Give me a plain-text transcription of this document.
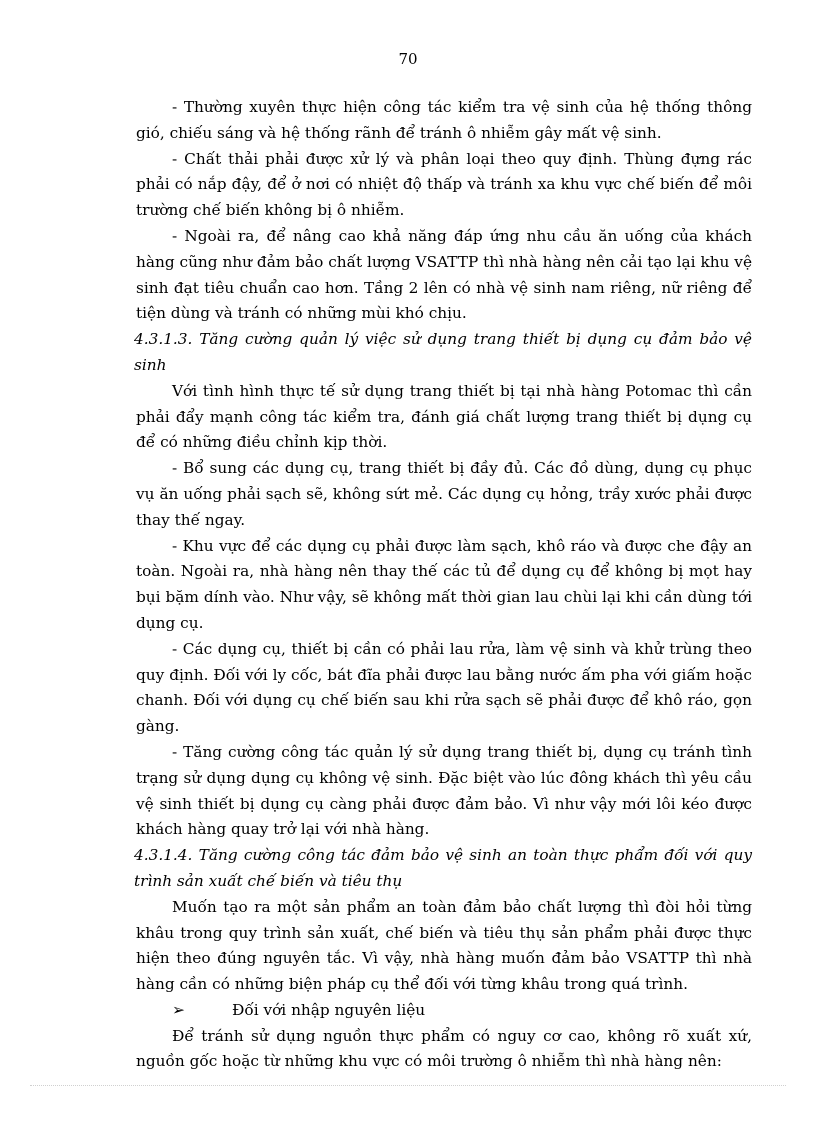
70

- Thường xuyên thực hiện công tác kiểm tra vệ sinh của hệ thống thông gió, chiếu sáng và hệ thống rãnh để tránh ô nhiễm gây mất vệ sinh.

- Chất thải phải được xử lý và phân loại theo quy định. Thùng đựng rác phải có nắp đậy, để ở nơi có nhiệt độ thấp và tránh xa khu vực chế biến để môi trường chế biến không bị ô nhiễm.

- Ngoài ra, để nâng cao khả năng đáp ứng nhu cầu ăn uống của khách hàng cũng như đảm bảo chất lượng VSATTP thì nhà hàng nên cải tạo lại khu vệ sinh đạt tiêu chuẩn cao hơn. Tầng 2 lên có nhà vệ sinh nam riêng, nữ riêng để tiện dùng và tránh có những mùi khó chịu.

4.3.1.3. Tăng cường quản lý việc sử dụng trang thiết bị dụng cụ đảm bảo vệ sinh

Với tình hình thực tế sử dụng trang thiết bị tại nhà hàng Potomac thì cần phải đẩy mạnh công tác kiểm tra, đánh giá chất lượng trang thiết bị dụng cụ để có những điều chỉnh kịp thời.

- Bổ sung các dụng cụ, trang thiết bị đầy đủ. Các đồ dùng, dụng cụ phục vụ ăn uống phải sạch sẽ, không sứt mẻ. Các dụng cụ hỏng, trầy xước phải được thay thế ngay.

- Khu vực để các dụng cụ phải được làm sạch, khô ráo và được che đậy an toàn. Ngoài ra, nhà hàng nên thay thế các tủ để dụng cụ để không bị mọt hay bụi bặm dính vào. Như vậy, sẽ không mất thời gian lau chùi lại khi cần dùng tới dụng cụ.

- Các dụng cụ, thiết bị cần có phải lau rửa, làm vệ sinh và khử trùng theo quy định. Đối với ly cốc, bát đĩa phải được lau bằng nước ấm pha với giấm hoặc chanh. Đối với dụng cụ chế biến sau khi rửa sạch sẽ phải được để khô ráo, gọn gàng.

- Tăng cường công tác quản lý sử dụng trang thiết bị, dụng cụ tránh tình trạng sử dụng dụng cụ không vệ sinh. Đặc biệt vào lúc đông khách thì yêu cầu vệ sinh thiết bị dụng cụ càng phải được đảm bảo. Vì như vậy mới lôi kéo được khách hàng quay trở lại với nhà hàng.

4.3.1.4. Tăng cường công tác đảm bảo vệ sinh an toàn thực phẩm đối với quy trình sản xuất chế biến và tiêu thụ

Muốn tạo ra một sản phẩm an toàn đảm bảo chất lượng thì đòi hỏi từng khâu trong quy trình sản xuất, chế biến và tiêu thụ sản phẩm phải được thực hiện theo đúng nguyên tắc. Vì vậy, nhà hàng muốn đảm bảo VSATTP thì nhà hàng cần có những biện pháp cụ thể đối với từng khâu trong quá trình.

➢	Đối với nhập nguyên liệu

Để tránh sử dụng nguồn thực phẩm có nguy cơ cao, không rõ xuất xứ, nguồn gốc hoặc từ những khu vực có môi trường ô nhiễm thì nhà hàng nên:
